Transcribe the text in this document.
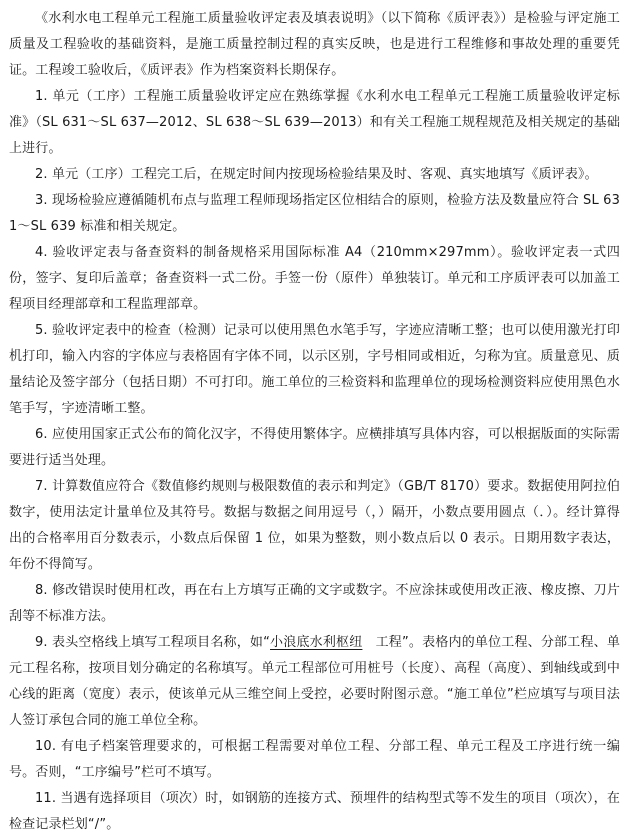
《水利水电工程单元工程施工质量验收评定表及填表说明》（以下简称《质评表》）是检验与评定施工质量及工程验收的基础资料，是施工质量控制过程的真实反映，也是进行工程维修和事故处理的重要凭证。工程竣工验收后，《质评表》作为档案资料长期保存。

1. 单元（工序）工程施工质量验收评定应在熟练掌握《水利水电工程单元工程施工质量验收评定标准》（SL 631～SL 637—2012、SL 638～SL 639—2013）和有关工程施工规程规范及相关规定的基础上进行。

2. 单元（工序）工程完工后，在规定时间内按现场检验结果及时、客观、真实地填写《质评表》。

3. 现场检验应遵循随机布点与监理工程师现场指定区位相结合的原则，检验方法及数量应符合 SL 631～SL 639 标准和相关规定。

4. 验收评定表与备查资料的制备规格采用国际标准 A4（210mm×297mm）。验收评定表一式四份，签字、复印后盖章；备查资料一式二份。手签一份（原件）单独装订。单元和工序质评表可以加盖工程项目经理部章和工程监理部章。

5. 验收评定表中的检查（检测）记录可以使用黑色水笔手写，字迹应清晰工整；也可以使用激光打印机打印，输入内容的字体应与表格固有字体不同，以示区别，字号相同或相近，匀称为宜。质量意见、质量结论及签字部分（包括日期）不可打印。施工单位的三检资料和监理单位的现场检测资料应使用黑色水笔手写，字迹清晰工整。

6. 应使用国家正式公布的简化汉字，不得使用繁体字。应横排填写具体内容，可以根据版面的实际需要进行适当处理。

7. 计算数值应符合《数值修约规则与极限数值的表示和判定》（GB/T 8170）要求。数据使用阿拉伯数字，使用法定计量单位及其符号。数据与数据之间用逗号（，）隔开，小数点要用圆点（．）。经计算得出的合格率用百分数表示，小数点后保留 1 位，如果为整数，则小数点后以 0 表示。日期用数字表达，年份不得简写。

8. 修改错误时使用杠改，再在右上方填写正确的文字或数字。不应涂抹或使用改正液、橡皮擦、刀片刮等不标准方法。

9. 表头空格线上填写工程项目名称，如“小浪底水利枢纽　工程”。表格内的单位工程、分部工程、单元工程名称，按项目划分确定的名称填写。单元工程部位可用桩号（长度）、高程（高度）、到轴线或到中心线的距离（宽度）表示，使该单元从三维空间上受控，必要时附图示意。“施工单位”栏应填写与项目法人签订承包合同的施工单位全称。

10. 有电子档案管理要求的，可根据工程需要对单位工程、分部工程、单元工程及工序进行统一编号。否则，“工序编号”栏可不填写。

11. 当遇有选择项目（项次）时，如钢筋的连接方式、预埋件的结构型式等不发生的项目（项次），在检查记录栏划“/”。
